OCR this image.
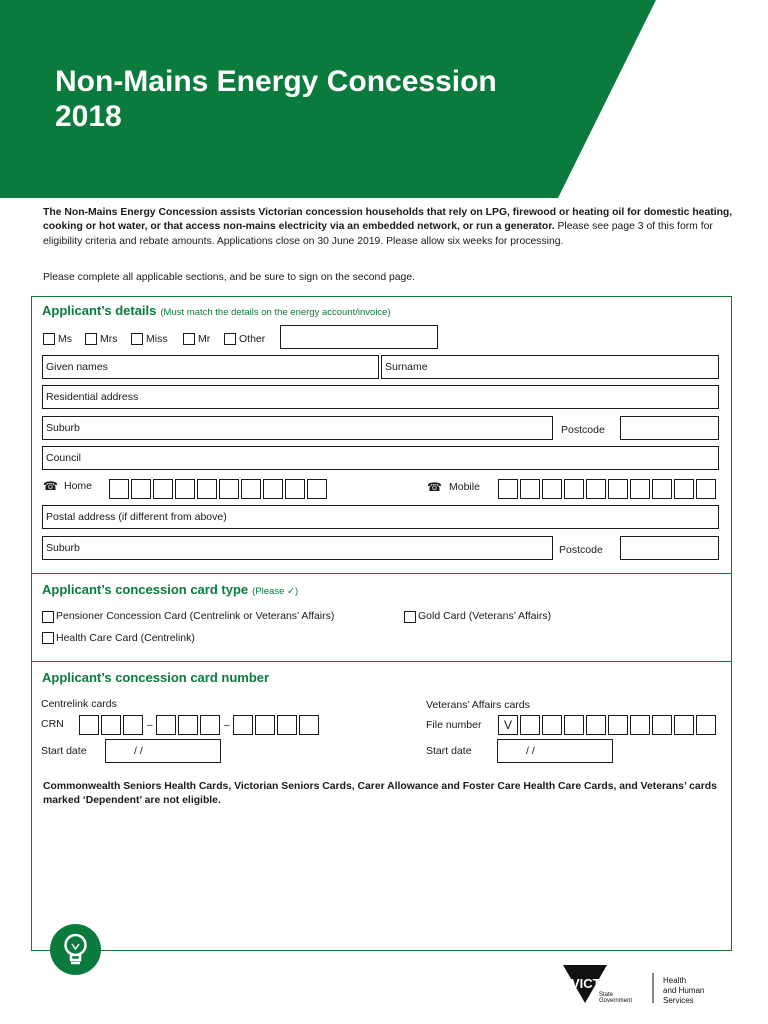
Non-Mains Energy Concession
2018
The Non-Mains Energy Concession assists Victorian concession households that rely on LPG, firewood or heating oil for domestic heating, cooking or hot water, or that access non-mains electricity via an embedded network, or run a generator. Please see page 3 of this form for eligibility criteria and rebate amounts. Applications close on 30 June 2019. Please allow six weeks for processing.
Please complete all applicable sections, and be sure to sign on the second page.
Applicant’s details (Must match the details on the energy account/invoice)
Ms	Mrs	Miss	Mr	Other
Given names	Surname
Residential address
Suburb	Postcode
Council
☎ Home	☎ Mobile
Postal address (if different from above)
Suburb	Postcode
Applicant’s concession card type (Please ✓)
Pensioner Concession Card (Centrelink or Veterans’ Affairs)	Gold Card (Veterans’ Affairs)
Health Care Card (Centrelink)
Applicant’s concession card number
Centrelink cards
CRN	–	–
Start date	/ /
Veterans’ Affairs cards
File number	V
Start date	/ /
Commonwealth Seniors Health Cards, Victorian Seniors Cards, Carer Allowance and Foster Care Health Care Cards, and Veterans’ cards marked ‘Dependent’ are not eligible.
VICTORIA
State
Government
Health
and Human
Services
